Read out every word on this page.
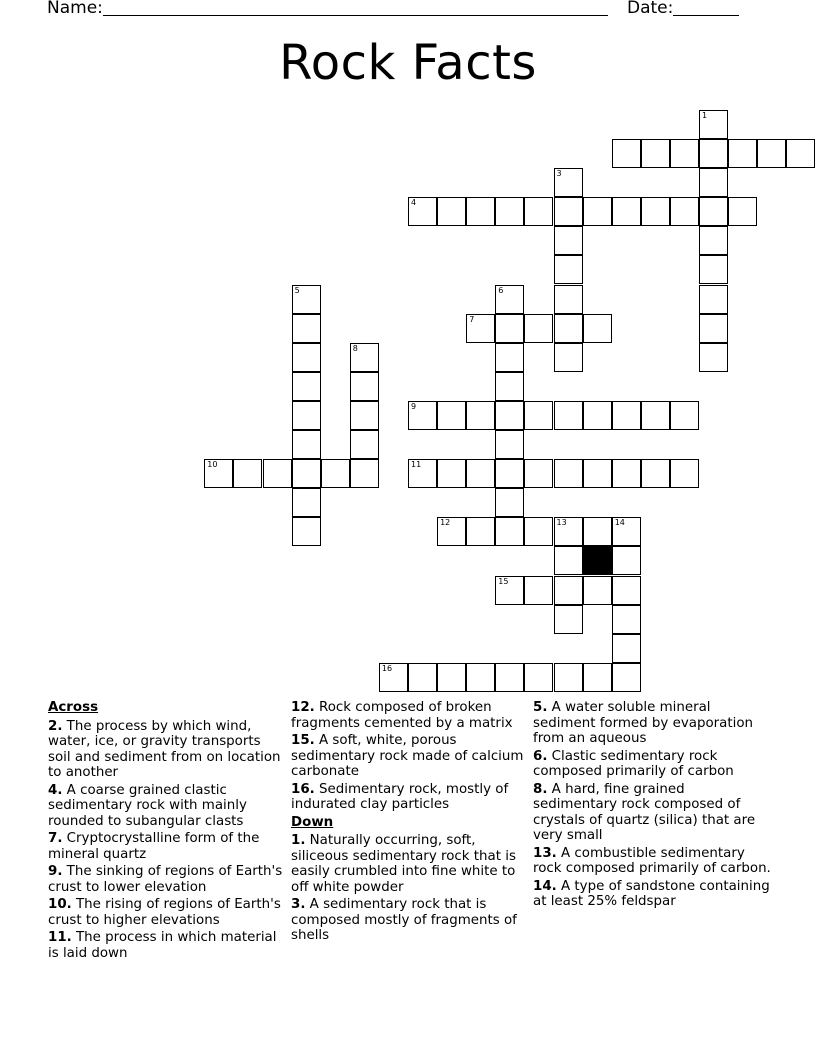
Name:	Date:
Rock Facts
1
3
4
7
5	6
8
9
10	11
12	13	14
15
16
Across
2. The process by which wind, water, ice, or gravity transports soil and sediment from on location to another
4. A coarse grained clastic sedimentary rock with mainly rounded to subangular clasts
7. Cryptocrystalline form of the mineral quartz
9. The sinking of regions of Earth's crust to lower elevation
10. The rising of regions of Earth's crust to higher elevations
11. The process in which material is laid down
12. Rock composed of broken fragments cemented by a matrix
15. A soft, white, porous sedimentary rock made of calcium carbonate
16. Sedimentary rock, mostly of indurated clay particles
Down
1. Naturally occurring, soft, siliceous sedimentary rock that is easily crumbled into fine white to off white powder
3. A sedimentary rock that is composed mostly of fragments of shells
5. A water soluble mineral sediment formed by evaporation from an aqueous
6. Clastic sedimentary rock composed primarily of carbon
8. A hard, fine grained sedimentary rock composed of crystals of quartz (silica) that are very small
13. A combustible sedimentary rock composed primarily of carbon.
14. A type of sandstone containing at least 25% feldspar
